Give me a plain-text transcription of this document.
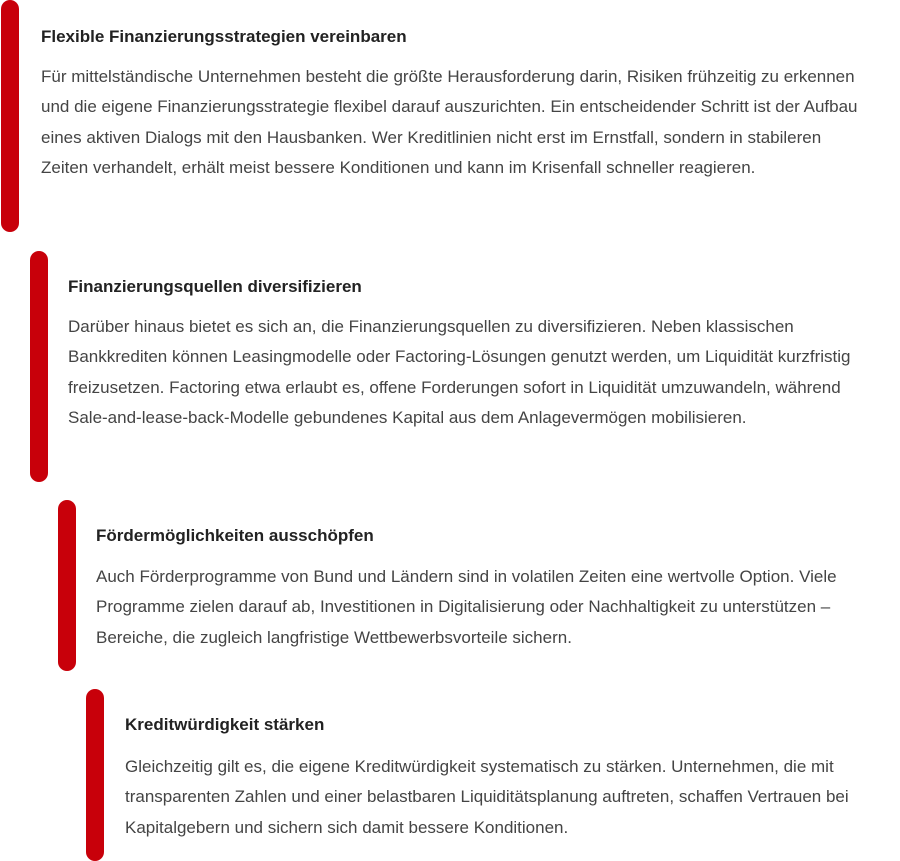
Flexible Finanzierungsstrategien vereinbaren

Für mittelständische Unternehmen besteht die größte Herausforderung darin, Risiken frühzeitig zu erkennen und die eigene Finanzierungsstrategie flexibel darauf auszurichten. Ein entscheidender Schritt ist der Aufbau eines aktiven Dialogs mit den Hausbanken. Wer Kreditlinien nicht erst im Ernstfall, sondern in stabileren Zeiten verhandelt, erhält meist bessere Konditionen und kann im Krisenfall schneller reagieren.

Finanzierungsquellen diversifizieren

Darüber hinaus bietet es sich an, die Finanzierungsquellen zu diversifizieren. Neben klassischen Bankkrediten können Leasingmodelle oder Factoring-Lösungen genutzt werden, um Liquidität kurzfristig freizusetzen. Factoring etwa erlaubt es, offene Forderungen sofort in Liquidität umzuwandeln, während Sale-and-lease-back-Modelle gebundenes Kapital aus dem Anlagevermögen mobilisieren.

Fördermöglichkeiten ausschöpfen

Auch Förderprogramme von Bund und Ländern sind in volatilen Zeiten eine wertvolle Option. Viele Programme zielen darauf ab, Investitionen in Digitalisierung oder Nachhaltigkeit zu unterstützen – Bereiche, die zugleich langfristige Wettbewerbsvorteile sichern.

Kreditwürdigkeit stärken

Gleichzeitig gilt es, die eigene Kreditwürdigkeit systematisch zu stärken. Unternehmen, die mit transparenten Zahlen und einer belastbaren Liquiditätsplanung auftreten, schaffen Vertrauen bei Kapitalgebern und sichern sich damit bessere Konditionen.
